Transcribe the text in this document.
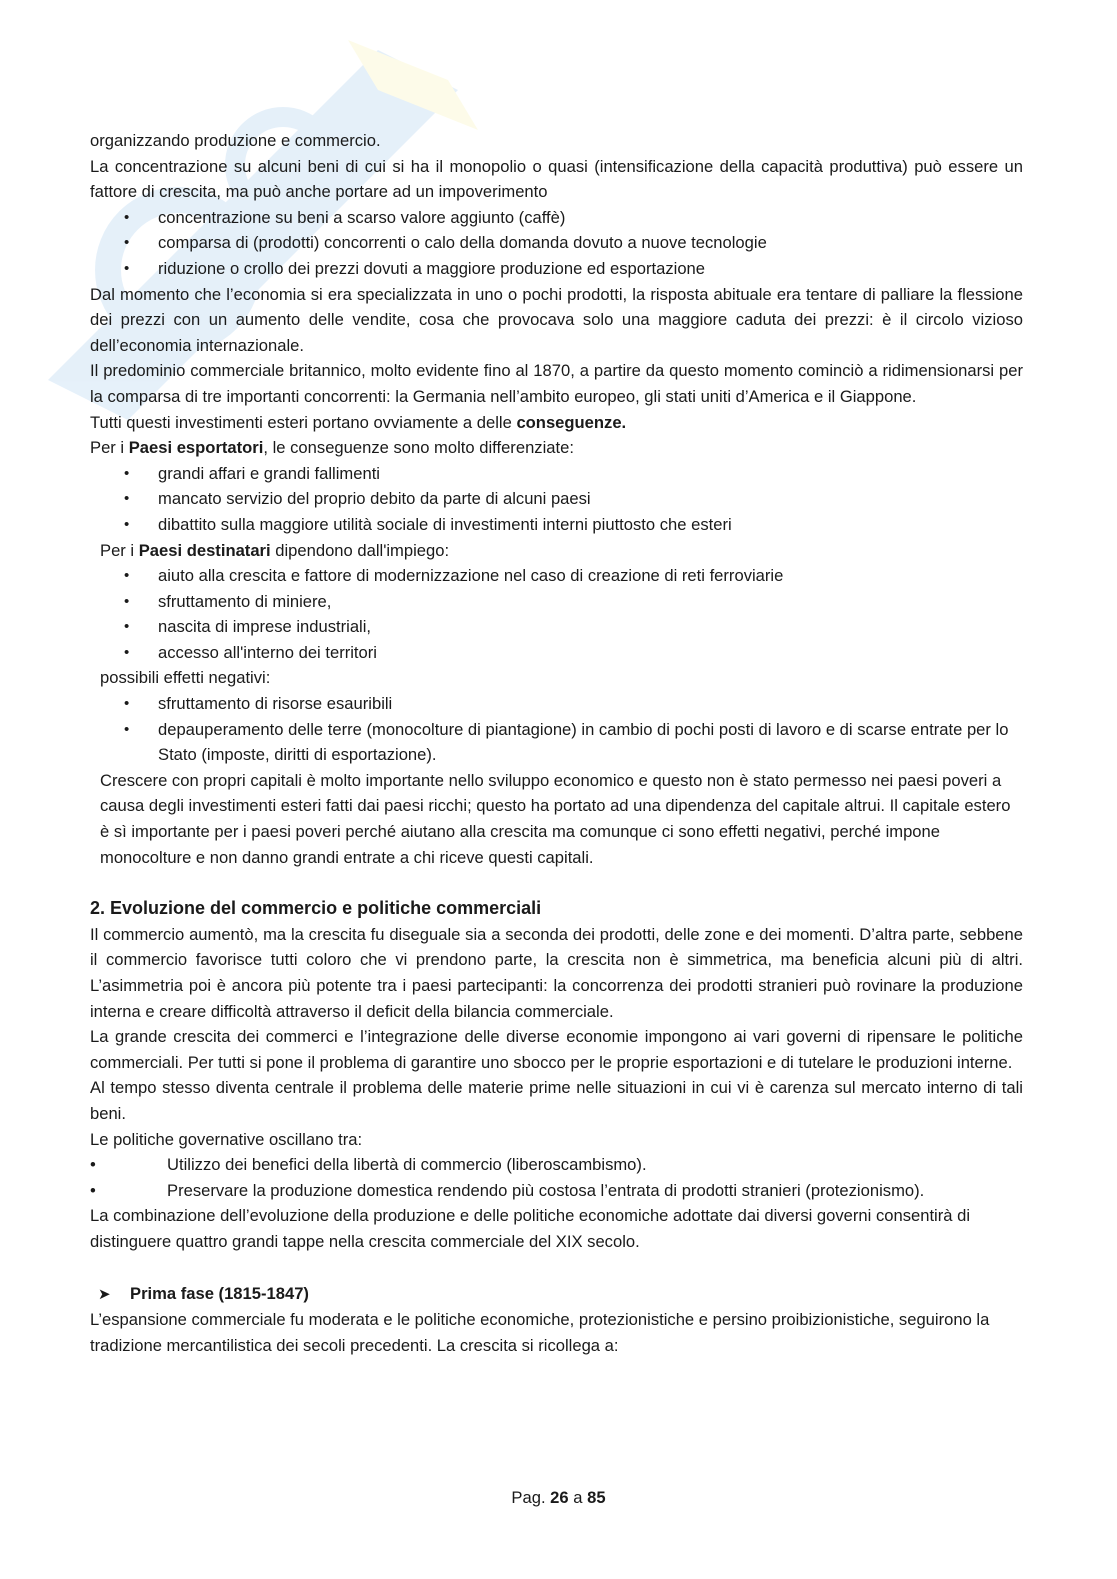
organizzando produzione e commercio.

La concentrazione su alcuni beni di cui si ha il monopolio o quasi (intensificazione della capacità produttiva) può essere un fattore di crescita, ma può anche portare ad un impoverimento

• concentrazione su beni a scarso valore aggiunto (caffè)
• comparsa di (prodotti) concorrenti o calo della domanda dovuto a nuove tecnologie
• riduzione o crollo dei prezzi dovuti a maggiore produzione ed esportazione

Dal momento che l’economia si era specializzata in uno o pochi prodotti, la risposta abituale era tentare di palliare la flessione dei prezzi con un aumento delle vendite, cosa che provocava solo una maggiore caduta dei prezzi: è il circolo vizioso dell’economia internazionale.

Il predominio commerciale britannico, molto evidente fino al 1870, a partire da questo momento cominciò a ridimensionarsi per la comparsa di tre importanti concorrenti: la Germania nell’ambito europeo, gli stati uniti d’America e il Giappone.

Tutti questi investimenti esteri portano ovviamente a delle conseguenze.

Per i Paesi esportatori, le conseguenze sono molto differenziate:

• grandi affari e grandi fallimenti
• mancato servizio del proprio debito da parte di alcuni paesi
• dibattito sulla maggiore utilità sociale di investimenti interni piuttosto che esteri

Per i Paesi destinatari dipendono dall'impiego:

• aiuto alla crescita e fattore di modernizzazione nel caso di creazione di reti ferroviarie
• sfruttamento di miniere,
• nascita di imprese industriali,
• accesso all'interno dei territori

possibili effetti negativi:

• sfruttamento di risorse esauribili
• depauperamento delle terre (monocolture di piantagione) in cambio di pochi posti di lavoro e di scarse entrate per lo Stato (imposte, diritti di esportazione).

Crescere con propri capitali è molto importante nello sviluppo economico e questo non è stato permesso nei paesi poveri a causa degli investimenti esteri fatti dai paesi ricchi; questo ha portato ad una dipendenza del capitale altrui. Il capitale estero è sì importante per i paesi poveri perché aiutano alla crescita ma comunque ci sono effetti negativi, perché impone monocolture e non danno grandi entrate a chi riceve questi capitali.

2. Evoluzione del commercio e politiche commerciali

Il commercio aumentò, ma la crescita fu diseguale sia a seconda dei prodotti, delle zone e dei momenti. D’altra parte, sebbene il commercio favorisce tutti coloro che vi prendono parte, la crescita non è simmetrica, ma beneficia alcuni più di altri. L’asimmetria poi è ancora più potente tra i paesi partecipanti: la concorrenza dei prodotti stranieri può rovinare la produzione interna e creare difficoltà attraverso il deficit della bilancia commerciale.

La grande crescita dei commerci e l’integrazione delle diverse economie impongono ai vari governi di ripensare le politiche commerciali. Per tutti si pone il problema di garantire uno sbocco per le proprie esportazioni e di tutelare le produzioni interne.

Al tempo stesso diventa centrale il problema delle materie prime nelle situazioni in cui vi è carenza sul mercato interno di tali beni.

Le politiche governative oscillano tra:

•	Utilizzo dei benefici della libertà di commercio (liberoscambismo).
•	Preservare la produzione domestica rendendo più costosa l’entrata di prodotti stranieri (protezionismo).

La combinazione dell’evoluzione della produzione e delle politiche economiche adottate dai diversi governi consentirà di distinguere quattro grandi tappe nella crescita commerciale del XIX secolo.

➤ Prima fase (1815-1847)

L’espansione commerciale fu moderata e le politiche economiche, protezionistiche e persino proibizionistiche, seguirono la tradizione mercantilistica dei secoli precedenti. La crescita si ricollega a:

Pag. 26 a 85
